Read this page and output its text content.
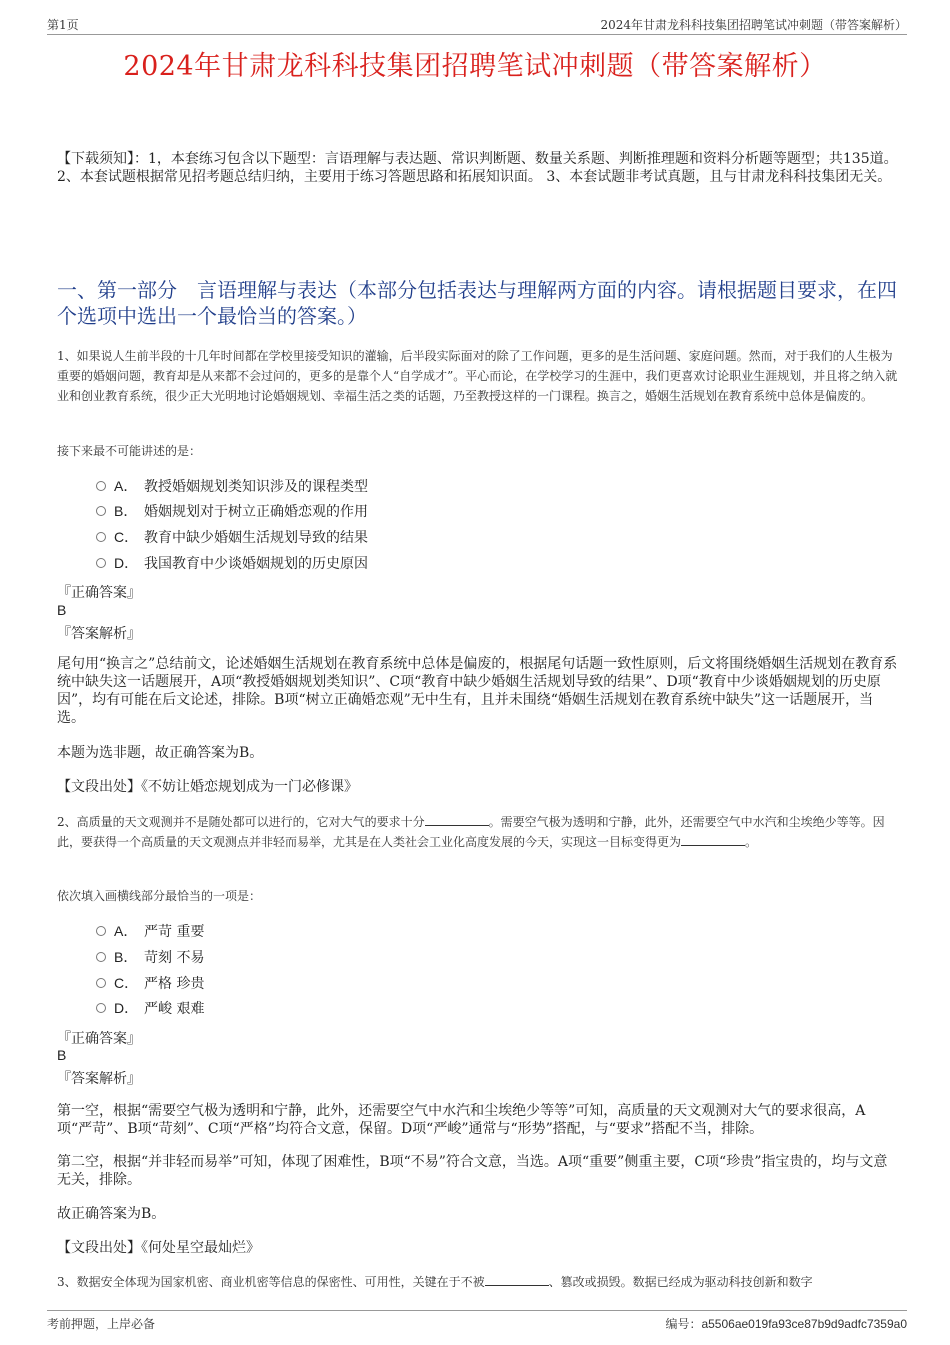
第1页	2024年甘肃龙科科技集团招聘笔试冲刺题（带答案解析）
2024年甘肃龙科科技集团招聘笔试冲刺题（带答案解析）
【下载须知】：1，本套练习包含以下题型：言语理解与表达题、常识判断题、数量关系题、判断推理题和资料分析题等题型；共135道。 2、本套试题根据常见招考题总结归纳，主要用于练习答题思路和拓展知识面。 3、本套试题非考试真题，且与甘肃龙科科技集团无关。
一、第一部分　言语理解与表达（本部分包括表达与理解两方面的内容。请根据题目要求，在四个选项中选出一个最恰当的答案。）
1、如果说人生前半段的十几年时间都在学校里接受知识的灌输，后半段实际面对的除了工作问题，更多的是生活问题、家庭问题。然而，对于我们的人生极为重要的婚姻问题，教育却是从来都不会过问的，更多的是靠个人“自学成才”。平心而论，在学校学习的生涯中，我们更喜欢讨论职业生涯规划，并且将之纳入就业和创业教育系统，很少正大光明地讨论婚姻规划、幸福生活之类的话题，乃至教授这样的一门课程。换言之，婚姻生活规划在教育系统中总体是偏废的。
接下来最不可能讲述的是：
A． 教授婚姻规划类知识涉及的课程类型
B． 婚姻规划对于树立正确婚恋观的作用
C． 教育中缺少婚姻生活规划导致的结果
D． 我国教育中少谈婚姻规划的历史原因
『正确答案』
B
『答案解析』
尾句用“换言之”总结前文，论述婚姻生活规划在教育系统中总体是偏废的，根据尾句话题一致性原则，后文将围绕婚姻生活规划在教育系统中缺失这一话题展开，A项“教授婚姻规划类知识”、C项“教育中缺少婚姻生活规划导致的结果”、D项“教育中少谈婚姻规划的历史原因”，均有可能在后文论述，排除。B项“树立正确婚恋观”无中生有，且并未围绕“婚姻生活规划在教育系统中缺失”这一话题展开，当选。
本题为选非题，故正确答案为B。
【文段出处】《不妨让婚恋规划成为一门必修课》
2、高质量的天文观测并不是随处都可以进行的，它对大气的要求十分	。需要空气极为透明和宁静，此外，还需要空气中水汽和尘埃绝少等等。因此，要获得一个高质量的天文观测点并非轻而易举，尤其是在人类社会工业化高度发展的今天，实现这一目标变得更为	。
依次填入画横线部分最恰当的一项是：
A． 严苛 重要
B． 苛刻 不易
C． 严格 珍贵
D． 严峻 艰难
『正确答案』
B
『答案解析』
第一空，根据“需要空气极为透明和宁静，此外，还需要空气中水汽和尘埃绝少等等”可知，高质量的天文观测对大气的要求很高，A项“严苛”、B项“苛刻”、C项“严格”均符合文意，保留。D项“严峻”通常与“形势”搭配，与“要求”搭配不当，排除。
第二空，根据“并非轻而易举”可知，体现了困难性，B项“不易”符合文意，当选。A项“重要”侧重主要，C项“珍贵”指宝贵的，均与文意无关，排除。
故正确答案为B。
【文段出处】《何处星空最灿烂》
3、数据安全体现为国家机密、商业机密等信息的保密性、可用性，关键在于不被	、篡改或损毁。数据已经成为驱动科技创新和数字
考前押题，上岸必备	编号：a5506ae019fa93ce87b9d9adfc7359a0
